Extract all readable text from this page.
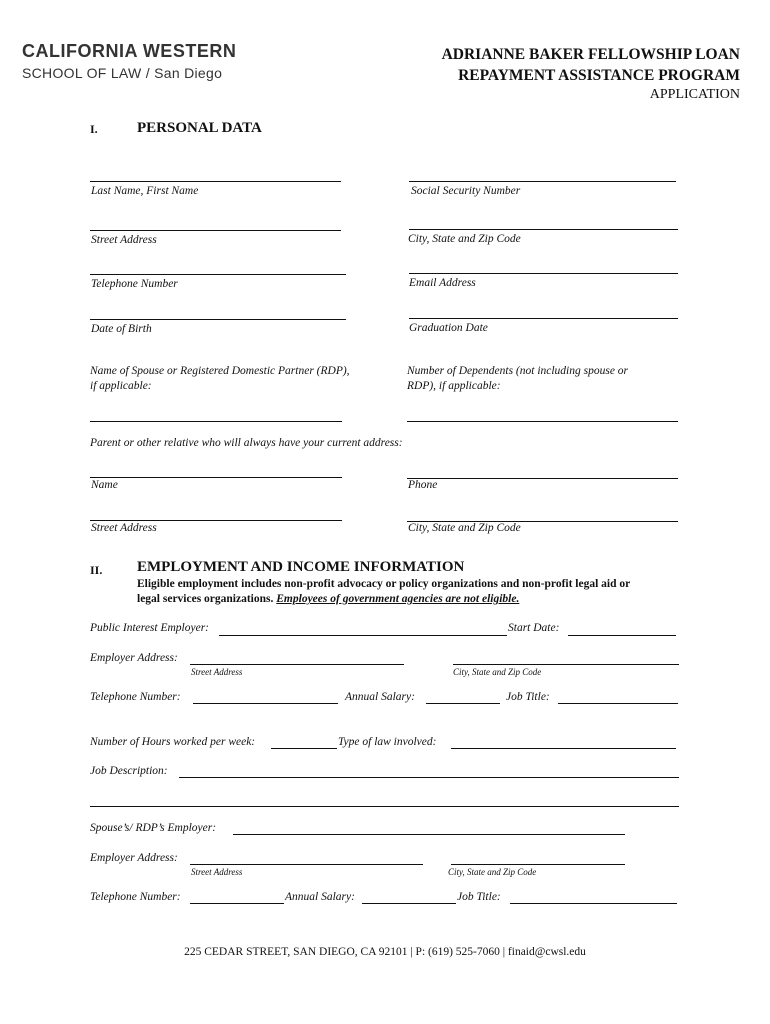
CALIFORNIA WESTERN
SCHOOL OF LAW / San Diego
ADRIANNE BAKER FELLOWSHIP LOAN
REPAYMENT ASSISTANCE PROGRAM
APPLICATION
I.	PERSONAL DATA
Last Name, First Name	Social Security Number
Street Address	City, State and Zip Code
Telephone Number	Email Address
Date of Birth	Graduation Date
Name of Spouse or Registered Domestic Partner (RDP),
if applicable:
Number of Dependents (not including spouse or
RDP), if applicable:
Parent or other relative who will always have your current address:
Name	Phone
Street Address	City, State and Zip Code
II. EMPLOYMENT AND INCOME INFORMATION
Eligible employment includes non-profit advocacy or policy organizations and non-profit legal aid or
legal services organizations. Employees of government agencies are not eligible.
Public Interest Employer:	Start Date:
Employer Address:
Street Address	City, State and Zip Code
Telephone Number:	Annual Salary:	Job Title:
Number of Hours worked per week:	Type of law involved:
Job Description:
Spouse’s/ RDP’s Employer:
Employer Address:
Street Address	City, State and Zip Code
Telephone Number:	Annual Salary:	Job Title:
225 CEDAR STREET, SAN DIEGO, CA 92101 | P: (619) 525-7060 | finaid@cwsl.edu
